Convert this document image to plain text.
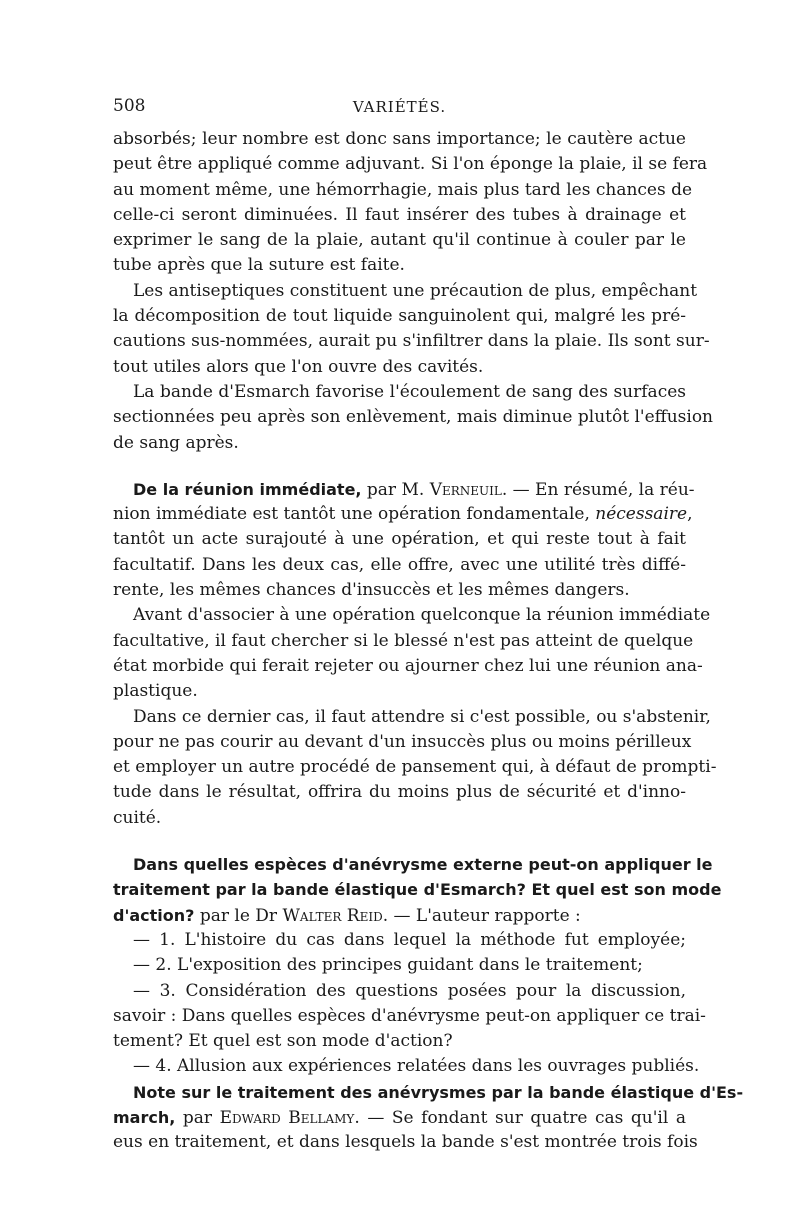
508	VARIÉTÉS.
absorbés; leur nombre est donc sans importance; le cautère actue
peut être appliqué comme adjuvant. Si l'on éponge la plaie, il se fera
au moment même, une hémorrhagie, mais plus tard les chances de
celle-ci seront diminuées. Il faut insérer des tubes à drainage et
exprimer le sang de la plaie, autant qu'il continue à couler par le
tube après que la suture est faite.
Les antiseptiques constituent une précaution de plus, empêchant
la décomposition de tout liquide sanguinolent qui, malgré les pré-
cautions sus-nommées, aurait pu s'infiltrer dans la plaie. Ils sont sur-
tout utiles alors que l'on ouvre des cavités.
La bande d'Esmarch favorise l'écoulement de sang des surfaces
sectionnées peu après son enlèvement, mais diminue plutôt l'effusion
de sang après.
De la réunion immédiate, par M. Verneuil. — En résumé, la réu-
nion immédiate est tantôt une opération fondamentale, nécessaire,
tantôt un acte surajouté à une opération, et qui reste tout à fait
facultatif. Dans les deux cas, elle offre, avec une utilité très diffé-
rente, les mêmes chances d'insuccès et les mêmes dangers.
Avant d'associer à une opération quelconque la réunion immédiate
facultative, il faut chercher si le blessé n'est pas atteint de quelque
état morbide qui ferait rejeter ou ajourner chez lui une réunion ana-
plastique.
Dans ce dernier cas, il faut attendre si c'est possible, ou s'abstenir,
pour ne pas courir au devant d'un insuccès plus ou moins périlleux
et employer un autre procédé de pansement qui, à défaut de prompti-
tude dans le résultat, offrira du moins plus de sécurité et d'inno-
cuité.
Dans quelles espèces d'anévrysme externe peut-on appliquer le
traitement par la bande élastique d'Esmarch? Et quel est son mode
d'action? par le Dr Walter Reid. — L'auteur rapporte :
— 1. L'histoire du cas dans lequel la méthode fut employée;
— 2. L'exposition des principes guidant dans le traitement;
— 3. Considération des questions posées pour la discussion,
savoir : Dans quelles espèces d'anévrysme peut-on appliquer ce trai-
tement? Et quel est son mode d'action?
— 4. Allusion aux expériences relatées dans les ouvrages publiés.
Note sur le traitement des anévrysmes par la bande élastique d'Es-
march, par Edward Bellamy. — Se fondant sur quatre cas qu'il a
eus en traitement, et dans lesquels la bande s'est montrée trois fois
